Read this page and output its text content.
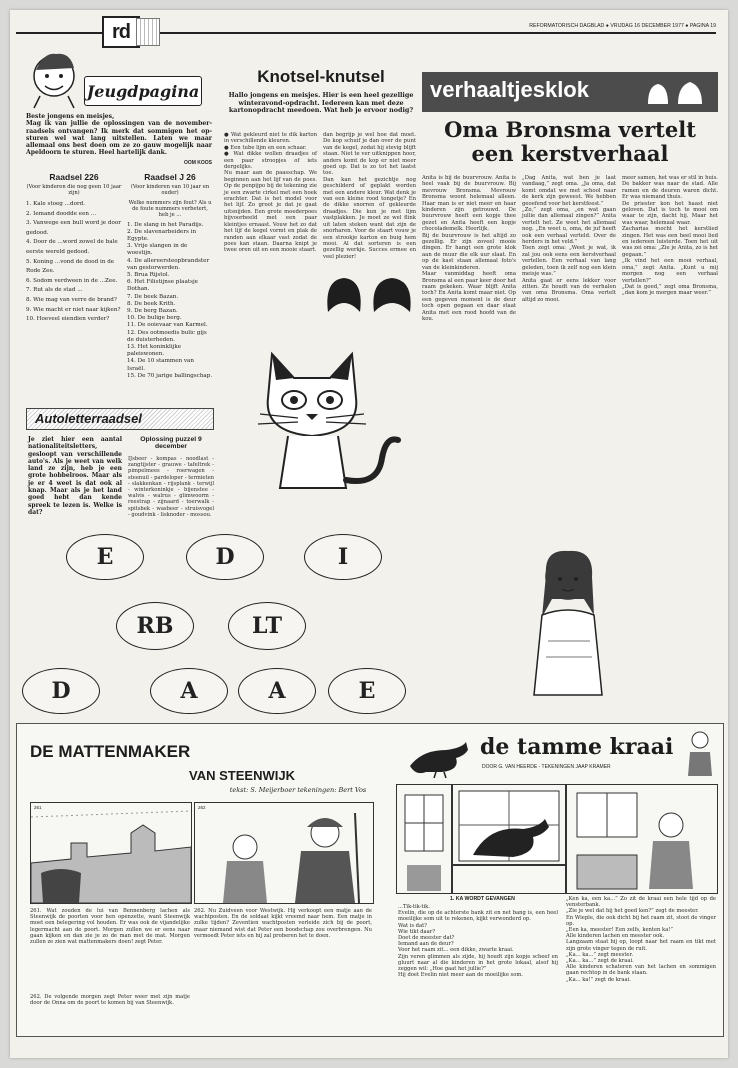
rd	REFORMATORISCH DAGBLAD ● VRIJDAG 16 DECEMBER 1977 ● PAGINA 19
Jeugdpagina
Beste jongens en meisjes,
Mag ik van jullie de oplossingen van de november-raadsels ontvangen? Ik merk dat sommigen het op-sturen wel wat lang uitstellen. Laten we maar allemaal ons best doen om ze zo gauw mogelijk naar Apeldoorn te sturen. Heel hartelijk dank.
OOM KOOS
Raadsel 226
(Voor kinderen die nog geen 10 jaar zijn)
1. Kale stoeg ...dord.
2. Iemand doodde een ...
3. Vanwege een bull word je door gedood.
4. Door de ...word zowel de bale eerste wereld gedood.
5. Koning ...vond de dood in de Rode Zee.
6. Sodom verdween in de ...Zee.
7. Rut als de stad ...
8. Wie mag van verre de brand?
9. Wie macht er niet naar kijken?
10. Hoeveel eiendien verder?
Raadsel J 26
(Voor kinderen van 10 jaar en ouder)
Welke nummers zijn fout? Als u de foute nummers verbetert, heb je ...
1. De slang in het Paradijs.
2. De slavenarbeiders in Egypte.
3. Vrije slangen in de woestijn.
4. De allereersteopbrandster van gestorwerden.
5. Brua Rijstol.
6. Het Filistijnse plaatsje Dothan.
7. De beek Bazan.
8. De beek Krith.
9. De berg Bazan.
10. De bulige berg.
11. De ooievaar van Karmel.
12. Des ootmoedis bulic gijs de duisterheden.
13. Het koninklijke paleiswonen.
14. De 10 stammen van Israël.
15. De 70 jarige ballingschap.
Knotsel-knutsel
Hallo jongens en meisjes. Hier is een heel gezellige winteravond-opdracht. Iedereen kan met deze kartonopdracht meedoen. Wat heb je ervoor nodig?
● Wat gekleurd niet te dik karton in verschillende kleuren.
● Een tube lijm en een schaar.
● Wat dikke wollen draadjes of een paar stroopjes of iets dergelijks.
Nu maar aan de paasschap. We beginnen aan het lijf van de poes. Op de penpijpo bij de tekening zie je een zwarte cirkel met een hoek erachter. Dat is het model voor het lijf. Zo groot je dat je gaat uitsnijden. Een grote moederpoes bijvoorbeeld met een paar kleintjes ernaast. Vouw het zo dat het lijf de kegel vormt en plak de randen aan elkaar vast zodat de poes kan staan. Daarna knipt je twee oren uit en een mooie staart.
dan begrijp je wel hoe dat moet. De kop schuif je dan over de punt van de kegel, zodat hij stevig blijft staan. Niet te ver uitknippen hoor, anders komt de kop er niet meer goed op. Dat is zo tot het laatst toe.
Dan kan het gezichtje nog geschilderd of geplakt worden met een andere kleur. Wat denk je van een kleine rood tongetje? En de dikke snorren of gekleurde draadjes. Die kun je met lijm vastplakken. Je moet ze wel flink uit laten steken want dat zijn de snorharen. Voor de staart vouw je een strookje karton en buig hem mooi. Al dat sorteren is een gezellig werkje. Succes ermee en veel plezier!
Autoletterraadsel
Je ziet hier een aantal nationaliteitsletters, gesloopt van verschillende auto's. Als je weet van welk land ze zijn, heb je een grote hobbelroos. Maar als je er 4 weet is dat ook al knap. Maar als je het land goed hebt dan kende spreek te lezen is. Welke is dat?
Oplossing puzzel 9 december
IJsbeer - kompas - noodlast - zangtijster - grauwe - tafeltrek - pimpelmees - roerwagen - steenuil - pardeloper - termieten - slakkenkan - rijsplank - terwijl - winterkoninkje - bijenstee - walvis - walrus - glimwoorm - reestrap - zijnaard - toerwalk - spitsbek - wasbeer - struisvogel - goudvink - lisknoder - mossou.
E	D	I
RB	LT
D	A	A	E
verhaaltjesklok
Oma Bronsma vertelt
een kerstverhaal
Anita is bij de buurvrouw. Anita is heel vaak bij de buurvrouw. Bij mevrouw Bronsma. Mevrouw Bronsma woont helemaal alleen. Haar man is er niet meer en haar kinderen zijn getrouwd. De buurvrouw heeft een kopje thee gezet en Anita heeft een kopje chocolademelk. Heerlijk.
Bij de buurvrouw is het altijd zo gezellig. Er zijn zoveel mooie dingen. Er hangt een grote klok aan de muur die elk uur slaat. En op de kast staan allemaal foto's van de kleinkinderen.
Maar vanmiddag heeft oma Bronsma al een paar keer door het raam gekeken. Waar blijft Anita toch? En Anita komt maar niet. Op een gegeven moment is de deur toch open gegaan en daar staat Anita met een rood hoofd van de kou.
„Dag Anita, wat ben je laat vandaag,” zegt oma. „Ja oma, dat komt omdat we met school naar de kerk zijn geweest. We hebben geoefend voor het kerstfeest.”
„Zo,” zegt oma, „en wat gaan jullie dan allemaal zingen?” Anita vertelt het. Ze weet het allemaal nog. „En weet u, oma, de juf heeft ook een verhaal verteld. Over de herders in het veld.”
Toen zegt oma: „Weet je wat, ik zal jou ook eens een kerstverhaal vertellen. Een verhaal van lang geleden, toen ik zelf nog een klein meisje was.”
Anita gaat er eens lekker voor zitten. Ze houdt van de verhalen van oma Bronsma. Oma vertelt altijd zo mooi.
meer samen, het was er stil in huis. De bakker was naar de stad. Alle ramen en de deuren waren dicht. Er was niemand thuis.
De priester kon het haast niet geloven. Dat is toch te mooi om waar te zijn, dacht hij. Maar het was waar, helemaal waar.
Zacharias mocht het kerstlied zingen. Het was een heel mooi lied en iedereen luisterde. Toen het uit was zei oma: „Zie je Anita, zo is het gegaan.”
„Ik vind het een mooi verhaal, oma,” zegt Anita. „Kunt u mij morgen nog een verhaal vertellen?”
„Dat is goed,” zegt oma Bronsma, „dan kom je morgen maar weer.”
DE MATTENMAKER
VAN STEENWIJK
tekst: S. Meijerboer tekeningen: Bert Vos
261	262
261. Wat zouden de lui van Bennenberg lachen als Steenwijk de poorten voor hen openzette, want Steenwijk moet een belegering vol houden. Er was ook de vijandelijke legermacht aan de poort. Morgen zullen we er eens naar gaan kijken en dan zie je zo de man met de mat. Morgen zullen ze zien wat mattenmakers doen! zegt Peter.
262. Nu Zuidveen voor Westwijk. Hij verkoopt een matje aan de wachtposten. En de soldaat kijkt vreemd naar hem. Een matje in zulke tijden? Zeventien wachtposten verleide zich bij de poort, maar niemand wist dat Peter een boodschap zou overbrengen. Nu vermoedt Peter iets en hij zal proberen het te doen.
262. De volgende morgen zegt Peter weer met zijn matje door de Onna om de poort te komen bij van Steenwijk.
de tamme kraai
DOOR G. VAN HEERDE - TEKENINGEN JAAP KRAMER
1. KA WORDT GEVANGEN
...Tik-tik-tik.
Evelin, die op de achterste bank zit en net bang is, een heel moeilijke som uit te rekenen, kijkt verwonderd op.
Wat is dat?
Wie tikt daar?
Doet de meester dat?
Iemand aan de deur?
Voor het raam zit... een dikke, zwarte kraai.
Zijn veren glimmen als zijde, hij houdt zijn kopje scheef en gluurt naar al die kinderen in het grote lokaal, alsof hij zeggen wil: „Hoe gaat het jullie?”
Hij doet Evelin niet meer aan de moeilijke som.
„Ken ka, een ka...” Zo zit de kraai een hele tijd op de vensterbank.
„Zie je wel dat hij het goed ken?” zegt de meester.
En Wieple, die ook dicht bij het raam zit, stoot de vinger op.
„Een ka, meester! Een zelfs, kenten ka!”
Alle kinderen lachen en meester ook.
Langzaam staat hij op, loopt naar het raam en tikt met zijn grote vinger tegen de ruit.
„Ka... ka...” zegt meester.
„Ka... ka...” zegt de kraai.
Alle kinderen schateren van het lachen en sommigen gaan rechtop in de bank staan.
„Ka... ka!” zegt de kraai.
